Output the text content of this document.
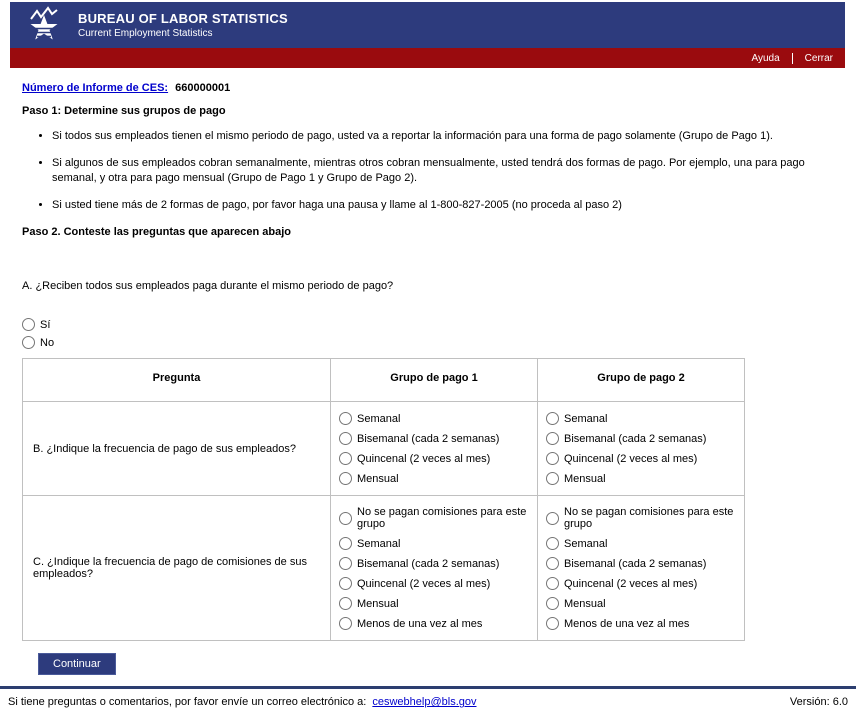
BUREAU OF LABOR STATISTICS
Current Employment Statistics
Ayuda	Cerrar
Número de Informe de CES: 660000001
Paso 1: Determine sus grupos de pago
• Si todos sus empleados tienen el mismo periodo de pago, usted va a reportar la información para una forma de pago solamente (Grupo de Pago 1).
• Si algunos de sus empleados cobran semanalmente, mientras otros cobran mensualmente, usted tendrá dos formas de pago. Por ejemplo, una para pago semanal, y otra para pago mensual (Grupo de Pago 1 y Grupo de Pago 2).
• Si usted tiene más de 2 formas de pago, por favor haga una pausa y llame al 1-800-827-2005 (no proceda al paso 2)
Paso 2. Conteste las preguntas que aparecen abajo
A. ¿Reciben todos sus empleados paga durante el mismo periodo de pago?
Sí
No
Pregunta	Grupo de pago 1	Grupo de pago 2
B. ¿Indique la frecuencia de pago de sus empleados?	
Semanal
Bisemanal (cada 2 semanas)
Quincenal (2 veces al mes)
Mensual

Semanal
Bisemanal (cada 2 semanas)
Quincenal (2 veces al mes)
Mensual

C. ¿Indique la frecuencia de pago de comisiones de sus empleados?	
No se pagan comisiones para este grupo
Semanal
Bisemanal (cada 2 semanas)
Quincenal (2 veces al mes)
Mensual
Menos de una vez al mes

No se pagan comisiones para este grupo
Semanal
Bisemanal (cada 2 semanas)
Quincenal (2 veces al mes)
Mensual
Menos de una vez al mes
Continuar
Si tiene preguntas o comentarios, por favor envíe un correo electrónico a: ceswebhelp@bls.gov	Versión: 6.0
